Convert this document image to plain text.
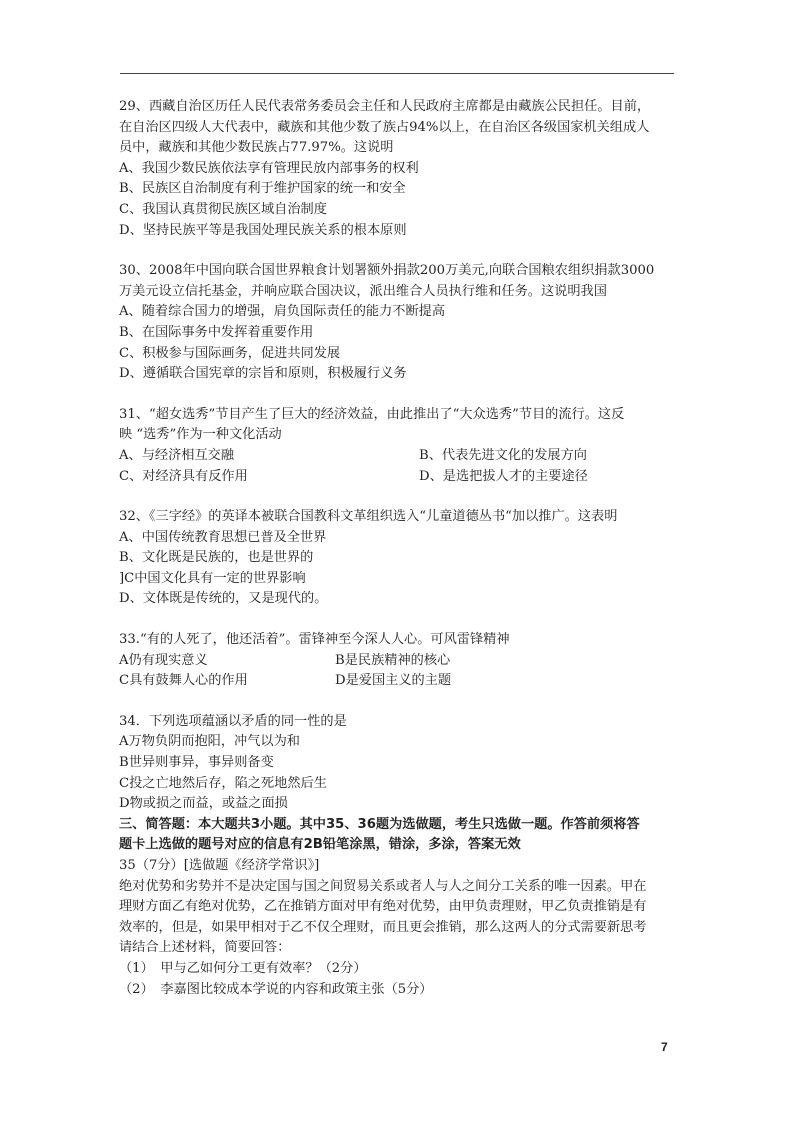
29、西藏自治区历任人民代表常务委员会主任和人民政府主席都是由藏族公民担任。目前，
在自治区四级人大代表中，藏族和其他少数了族占94%以上，在自治区各级国家机关组成人
员中，藏族和其他少数民族占77.97%。这说明
A、我国少数民族依法享有管理民放内部事务的权利
B、民族区自治制度有利于维护国家的统一和安全
C、我国认真贯彻民族区域自治制度
D、坚持民族平等是我国处理民族关系的根本原则
30、2008年中国向联合国世界粮食计划署额外捐款200万美元,向联合国粮农组织捐款3000
万美元设立信托基金，并响应联合国决议，派出维合人员执行维和任务。这说明我国
A、随着综合国力的增强，肩负国际责任的能力不断提高
B、在国际事务中发挥着重要作用
C、积极参与国际画务，促进共同发展
D、遵循联合国宪章的宗旨和原则，积极履行义务
31、“超女选秀”节目产生了巨大的经济效益，由此推出了“大众选秀”节目的流行。这反
映 “选秀”作为一种文化活动
A、与经济相互交融	B、代表先进文化的发展方向
C、对经济具有反作用	D、是选把拔人才的主要途径
32、《三字经》的英译本被联合国教科文革组织选入“儿童道德丛书“加以推广。这表明
A、中国传统教育思想已普及全世界
B、文化既是民族的，也是世界的
]C中国文化具有一定的世界影响
D、文体既是传统的，又是现代的。
33.“有的人死了，他还活着”。雷锋神至今深人人心。可风雷锋精神
A仍有现实意义	B是民族精神的核心
C具有鼓舞人心的作用	D是爱国主义的主题
34．下列选项蕴涵以矛盾的同一性的是
A万物负阴而抱阳，冲气以为和
B世异则事异，事异则备变
C投之亡地然后存，陷之死地然后生
D物或损之而益，或益之面损
三、简答题：本大题共3小题。其中35、36题为选做题，考生只选做一题。作答前须将答
题卡上选做的题号对应的信息有2B铅笔涂黑，错涂，多涂，答案无效
35（7分）[选做题《经济学常识》]
绝对优势和劣势并不是决定国与国之间贸易关系或者人与人之间分工关系的唯一因素。甲在
理财方面乙有绝对优势，乙在推销方面对甲有绝对优势，由甲负责理财，甲乙负责推销是有
效率的，但是，如果甲相对于乙不仅仝理财，而且更会推销，那么这两人的分式需要新思考
请结合上述材料，简要回答：
（1）　甲与乙如何分工更有效率？（2分）
（2）　李嘉图比较成本学说的内容和政策主张（5分）
7
